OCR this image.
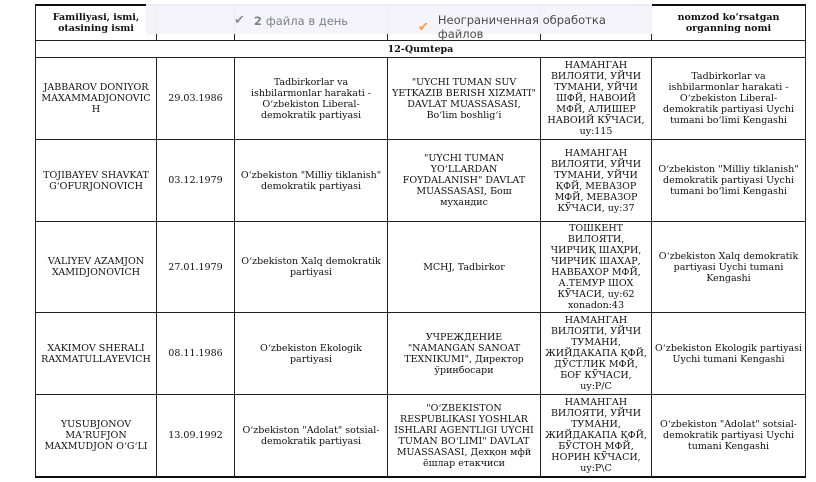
Familiyasi, ismi, otasining ismi					nomzod koʻrsatgan organning nomi
12-Qumtepa					
JABBAROV DONIYOR MAXAMMADJONOVICH	29.03.1986	Tadbirkorlar va ishbilarmonlar harakati - Oʻzbekiston Liberal-demokratik partiyasi	"UYCHI TUMAN SUV YETKAZIB BERISH XIZMATI" DAVLAT MUASSASASI, Boʻlim boshligʻi	НАМАНГАН ВИЛОЯТИ, УЙЧИ ТУМАНИ, УЙЧИ ШФЙ, НАВОИЙ МФЙ, АЛИШЕР НАВОИЙ КЎЧАСИ, uy:115	Tadbirkorlar va ishbilarmonlar harakati - Oʻzbekiston Liberal-demokratik partiyasi Uychi tumani boʻlimi Kengashi
TOJIBAYEV SHAVKAT GʻOFURJONOVICH	03.12.1979	Oʻzbekiston "Milliy tiklanish" demokratik partiyasi	"UYCHI TUMAN YOʻLLARDAN FOYDALANISH" DAVLAT MUASSASASI, Бош муҳандис	НАМАНГАН ВИЛОЯТИ, УЙЧИ ТУМАНИ, УЙЧИ ҚФЙ, МЕВАЗОР МФЙ, МЕВАЗОР КЎЧАСИ, uy:37	Oʻzbekiston "Milliy tiklanish" demokratik partiyasi Uychi tumani boʻlimi Kengashi
VALIYEV AZAMJON XAMIDJONOVICH	27.01.1979	Oʻzbekiston Xalq demokratik partiyasi	MCHJ, Tadbirkor	ТОШКЕНТ ВИЛОЯТИ, ЧИРЧИҚ ШАҲРИ, ЧИРЧИК ШАХАР, НАВБАХОР МФЙ, А.ТЕМУР ШОХ КЎЧАСИ, uy:62 xonadon:43	Oʻzbekiston Xalq demokratik partiyasi Uychi tumani Kengashi
XAKIMOV SHERALI RAXMATULLAYEVICH	08.11.1986	Oʻzbekiston Ekologik partiyasi	УЧРЕЖДЕНИЕ "NAMANGAN SANOAT TEXNIKUMI", Директор ўринбосари	НАМАНГАН ВИЛОЯТИ, УЙЧИ ТУМАНИ, ЖИЙДАКАПА ҚФЙ, ДЎСТЛИК МФЙ, БОҒ КЎЧАСИ, uy:P/C	Oʻzbekiston Ekologik partiyasi Uychi tumani Kengashi
YUSUBJONOV MAʼRUFJON MAXMUDJON OʻGʻLI	13.09.1992	Oʻzbekiston "Adolat" sotsial-demokratik partiyasi	"OʻZBEKISTON RESPUBLIKASI YOSHLAR ISHLARI AGENTLIGI UYCHI TUMAN BOʻLIMI" DAVLAT MUASSASASI, Дехқон мфй ёшлар етакчиси	НАМАНГАН ВИЛОЯТИ, УЙЧИ ТУМАНИ, ЖИЙДАКАПА ҚФЙ, БЎСТОН МФЙ, НОРИН КЎЧАСИ, uy:P\C	Oʻzbekiston "Adolat" sotsial-demokratik partiyasi Uychi tumani Kengashi
✔ 2 файла в день	✔ Неограниченная обработка файлов
